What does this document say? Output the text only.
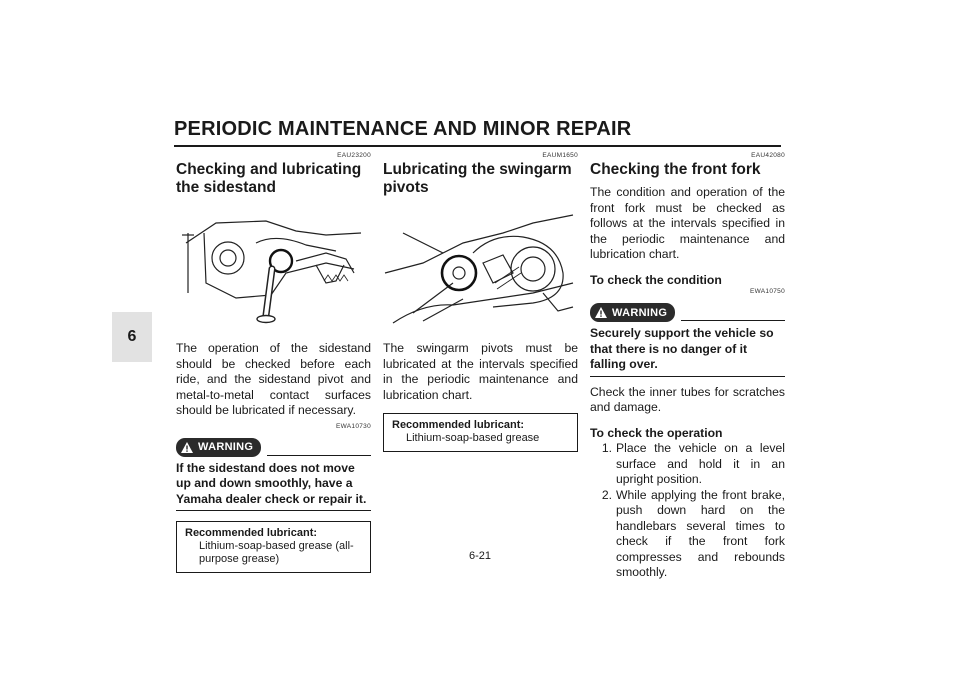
PERIODIC MAINTENANCE AND MINOR REPAIR
6
EAU23200
Checking and lubricating the sidestand

The operation of the sidestand should be checked before each ride, and the sidestand pivot and metal-to-metal contact surfaces should be lubricated if necessary.

EWA10730
WARNING

If the sidestand does not move up and down smoothly, have a Yamaha dealer check or repair it.

Recommended lubricant:
Lithium-soap-based grease (all-purpose grease)
EAUM1650
Lubricating the swingarm pivots

The swingarm pivots must be lubricated at the intervals specified in the periodic maintenance and lubrication chart.

Recommended lubricant:
Lithium-soap-based grease
EAU42080
Checking the front fork

The condition and operation of the front fork must be checked as follows at the intervals specified in the periodic maintenance and lubrication chart.

To check the condition
EWA10750
WARNING

Securely support the vehicle so that there is no danger of it falling over.

Check the inner tubes for scratches and damage.

To check the operation
1. Place the vehicle on a level surface and hold it in an upright position.
2. While applying the front brake, push down hard on the handlebars several times to check if the front fork compresses and rebounds smoothly.
6-21
